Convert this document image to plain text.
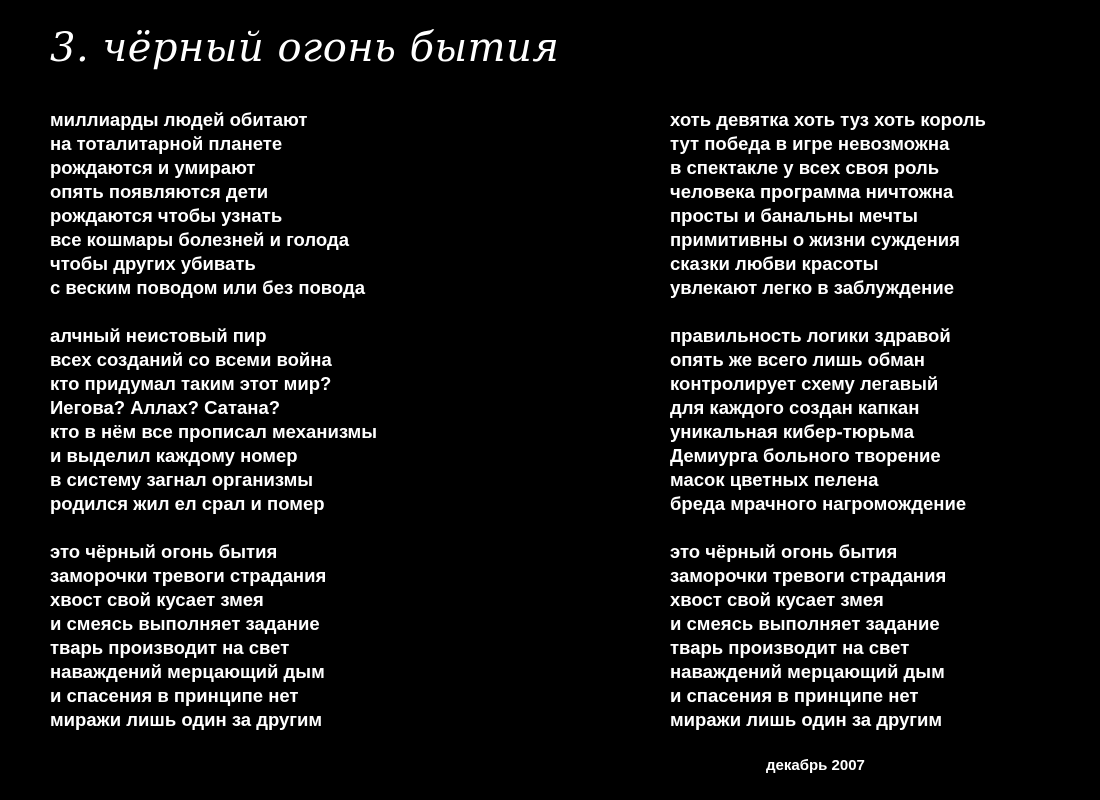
3. чёрный огонь бытия
миллиарды людей обитают
на тоталитарной планете
рождаются и умирают
опять появляются дети
рождаются чтобы узнать
все кошмары болезней и голода
чтобы других убивать
с веским поводом или без повода
алчный неистовый пир
всех созданий со всеми война
кто придумал таким этот мир?
Иегова? Аллах? Сатана?
кто в нём все прописал механизмы
и выделил каждому номер
в систему загнал организмы
родился жил ел срал и помер
это чёрный огонь бытия
заморочки тревоги страдания
хвост свой кусает змея
и смеясь выполняет задание
тварь производит на свет
наваждений мерцающий дым
и спасения в принципе нет
миражи лишь один за другим
хоть девятка хоть туз хоть король
тут победа в игре невозможна
в спектакле у всех своя роль
человека программа ничтожна
просты и банальны мечты
примитивны о жизни суждения
сказки любви красоты
увлекают легко в заблуждение
правильность логики здравой
опять же всего лишь обман
контролирует схему легавый
для каждого создан капкан
уникальная кибер-тюрьма
Демиурга больного творение
масок цветных пелена
бреда мрачного нагромождение
это чёрный огонь бытия
заморочки тревоги страдания
хвост свой кусает змея
и смеясь выполняет задание
тварь производит на свет
наваждений мерцающий дым
и спасения в принципе нет
миражи лишь один за другим
декабрь 2007
